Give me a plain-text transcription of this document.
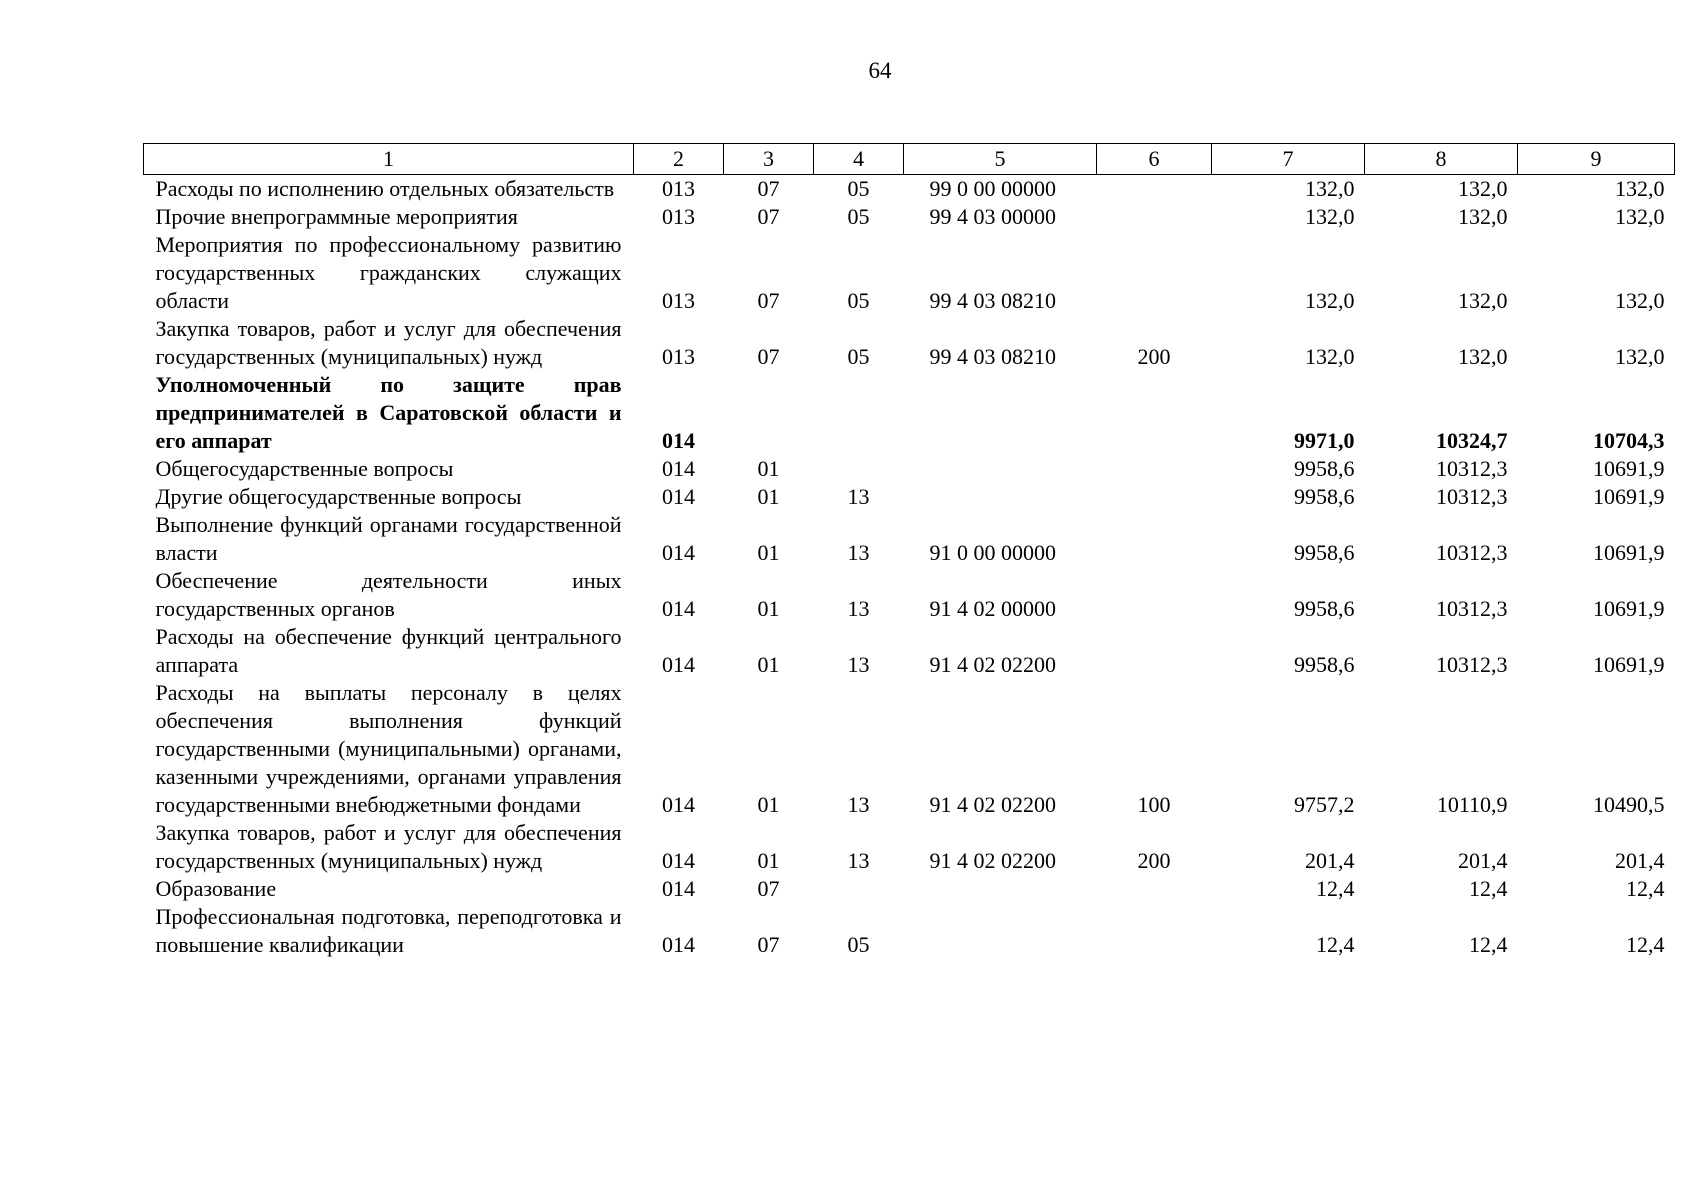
64
1	2	3	4	5	6	7	8	9
Расходы по исполнению отдельных обязательств	013	07	05	99 0 00 00000		132,0	132,0	132,0
Прочие внепрограммные мероприятия	013	07	05	99 4 03 00000		132,0	132,0	132,0
Мероприятия по профессиональному развитию государственных гражданских служащих области	013	07	05	99 4 03 08210		132,0	132,0	132,0
Закупка товаров, работ и услуг для обеспечения государственных (муниципальных) нужд	013	07	05	99 4 03 08210	200	132,0	132,0	132,0
Уполномоченный по защите прав предпринимателей в Саратовской области и его аппарат	014					9971,0	10324,7	10704,3
Общегосударственные вопросы	014	01				9958,6	10312,3	10691,9
Другие общегосударственные вопросы	014	01	13			9958,6	10312,3	10691,9
Выполнение функций органами государственной власти	014	01	13	91 0 00 00000		9958,6	10312,3	10691,9
Обеспечение деятельности иных государственных органов	014	01	13	91 4 02 00000		9958,6	10312,3	10691,9
Расходы на обеспечение функций центрального аппарата	014	01	13	91 4 02 02200		9958,6	10312,3	10691,9
Расходы на выплаты персоналу в целях обеспечения выполнения функций государственными (муниципальными) органами, казенными учреждениями, органами управления государственными внебюджетными фондами	014	01	13	91 4 02 02200	100	9757,2	10110,9	10490,5
Закупка товаров, работ и услуг для обеспечения государственных (муниципальных) нужд	014	01	13	91 4 02 02200	200	201,4	201,4	201,4
Образование	014	07				12,4	12,4	12,4
Профессиональная подготовка, переподготовка и повышение квалификации	014	07	05			12,4	12,4	12,4
